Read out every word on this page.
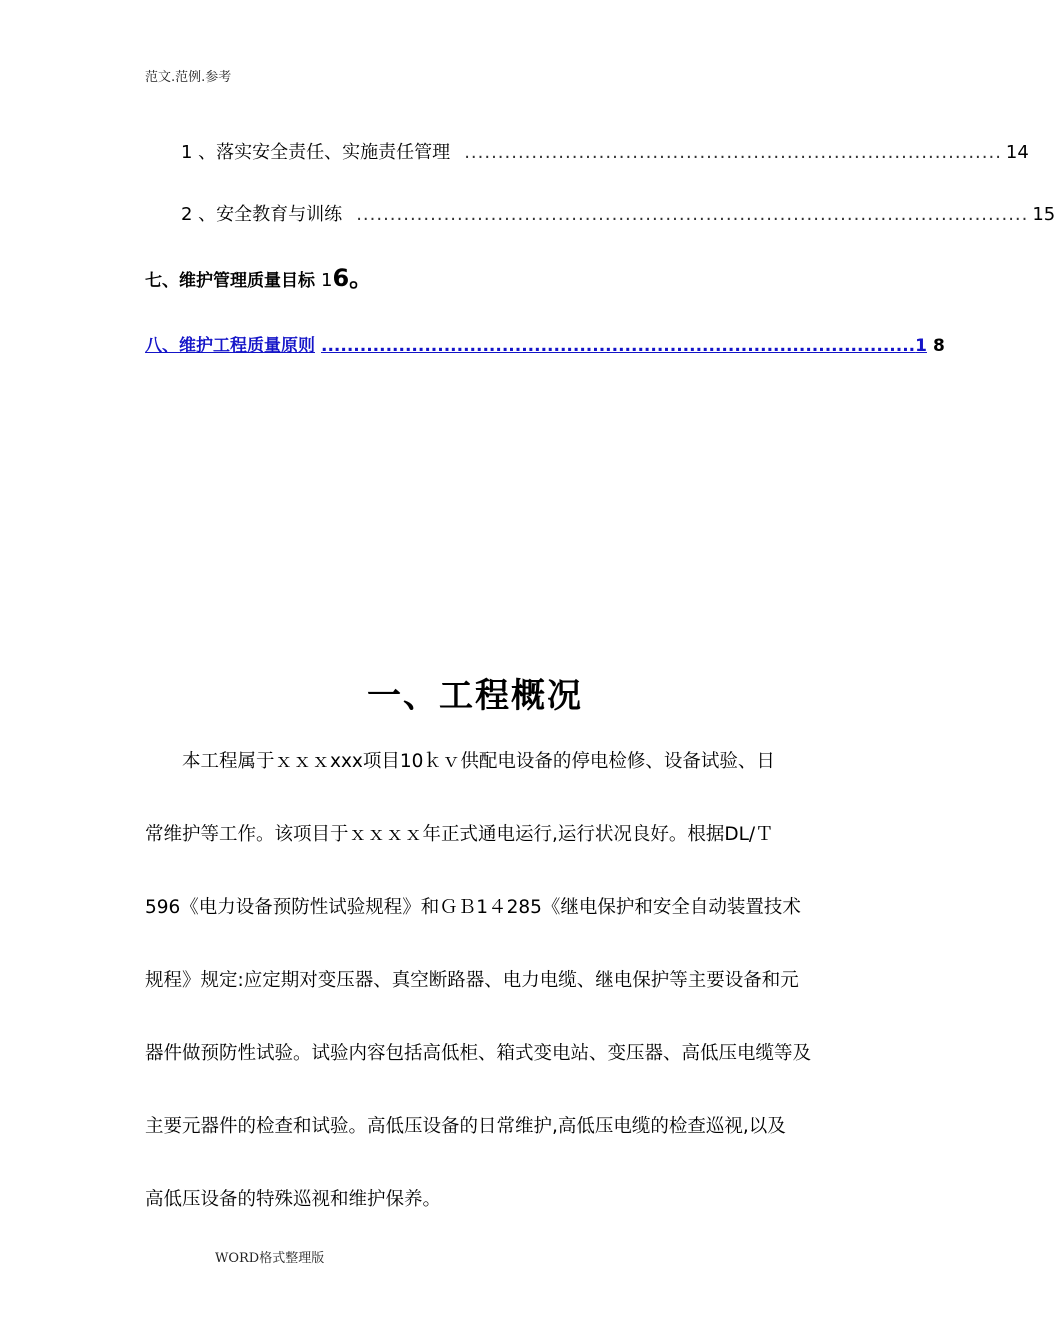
范文.范例.参考
1 、落实安全责任、实施责任管理 ................................................................................ 14
2 、安全教育与训练 .................................................................................................... 15
七、维护管理质量目标 16。
八、维护工程质量原则 ............................................................................................ 1 8
一、工程概况
本工程属于ｘｘｘxxx项目10ｋｖ供配电设备的停电检修、设备试验、日
常维护等工作。该项目于ｘｘｘｘ年正式通电运行,运行状况良好。根据DL/Ｔ
596《电力设备预防性试验规程》和ＧＢ1４285《继电保护和安全自动装置技术
规程》规定:应定期对变压器、真空断路器、电力电缆、继电保护等主要设备和元
器件做预防性试验。试验内容包括高低柜、箱式变电站、变压器、高低压电缆等及
主要元器件的检查和试验。高低压设备的日常维护,高低压电缆的检查巡视,以及
高低压设备的特殊巡视和维护保养。
WORD格式整理版
